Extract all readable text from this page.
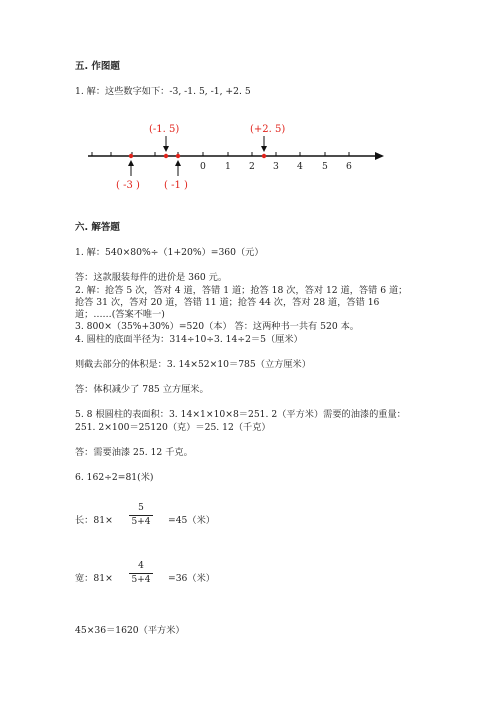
五. 作图题
1. 解：这些数字如下：-3, -1. 5, -1, +2. 5
(-1. 5)	(+2. 5)
( -3 ) ( -1 )
0 1 2 3 4 5 6
六. 解答题
1. 解：540×80%÷（1+20%）=360（元）
答：这款服装每件的进价是 360 元。
2. 解：抢答 5 次，答对 4 道，答错 1 道；抢答 18 次，答对 12 道，答错 6 道；
抢答 31 次，答对 20 道，答错 11 道；抢答 44 次，答对 28 道，答错 16
道；……(答案不唯一)
3. 800×（35%+30%）=520（本） 答：这两种书一共有 520 本。
4. 圆柱的底面半径为：314÷10÷3. 14÷2＝5（厘米）
则截去部分的体积是：3. 14×52×10＝785（立方厘米）
答：体积减少了 785 立方厘米。
5. 8 根圆柱的表面积：3. 14×1×10×8＝251. 2（平方米）需要的油漆的重量：
251. 2×100＝25120（克）＝25. 12（千克）
答：需要油漆 25. 12 千克。
6. 162÷2=81(米)
长：81×
5
5+4 =45（米）
宽：81×
4
5+4 =36（米）
45×36＝1620（平方米）
